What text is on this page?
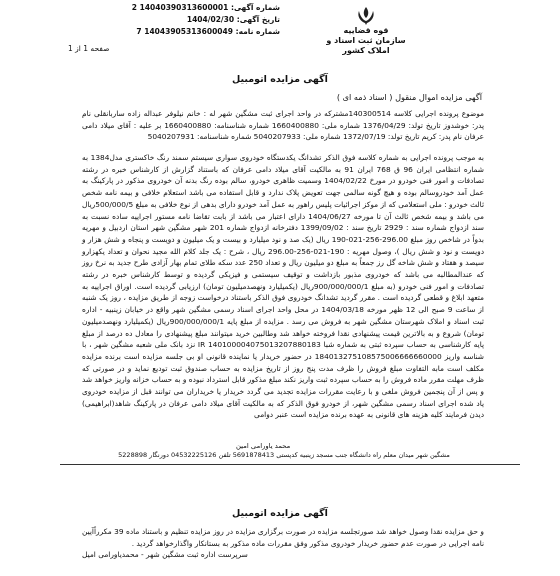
شماره آگهی: 14040390313600001 2
تاریخ آگهی: 1404/02/30
شماره نامه: 14043905313600049 7	قوه قضاییه
سازمان ثبت اسناد و املاک کشور
صفحه 1 از 1
آگهی مزایده اتومبیل
آگهی مزایده اموال منقول ( اسناد ذمه ای )

موضوع پرونده اجرایی کلاسه 140300514مشترکه در واحد اجرای ثبت مشگین شهر له : خانم نیلوفر عبداله زاده ساربانقلی نام پدر: خوشدوز تاریخ تولد: 1376/04/29 شماره ملی: 1660400880 شماره شناسنامه: 1660400880 بر علیه : آقای میلاد دامی عرفان نام پدر: کریم تاریخ تولد: 1372/07/19 شماره ملی: 5040207933 شماره شناسنامه: 5040207931

به موجب پرونده اجرایی به شماره کلاسه فوق الذکر تشدانگ یکدستگاه خودروی سواری سیستم سمند رنگ خاکستری مدل1384 به شماره انتظامی ایران 96 ق 768 ایران 91 به مالکیت آقای میلاد دامی عرفان که باستناد گزارش از کارشناس خبره در رشته تصادفات و امور فنی خودرو در مورخ 1404/02/22 وسمیت ظاهری خودرو، سالم بوده رنگ بدنه آن خودروی مذکور در پارکینگ به عمل آمد خودروسالم بوده و هیچ گونه سالمی جهت تعویض پلاک ندارد و قابل استفاده می باشد استعلام خلافی و بیمه نامه شخص ثالث خودرو : ملی استعلامی که از موکز اجرائیات پلیس راهور به عمل آمد خودرو دارای بدهی از نوع خلافی به مبلغ 500/000/5ریال می باشد و بیمه شخص ثالث آن تا مورخه 1404/06/27 دارای اعتبار می باشد از بابت تقاضا نامه مستور اجراییه ساده نسبت به سند ازدواج شماره سند : 2929 تاریخ سند : 1399/09/02 دفترخانه ازدواج شماره 201 شهر مشگین شهر استان اردبیل و مهریه بدواً در شاخص روز مبلغ 296.00-256-021-190 ریال (یک صد و نود میلیارد و بیست و یک میلیون و دویست و پنجاه و شش هزار و دویست و نود و شش ریال )، وصول مهریه : 190-021-256-296.00 ریال ، شرح : یک جلد کلام الله مجید نحوان و تعداد یکهزارو سیصد و هفتاد و شش شاخه گل رز جمعاً به مبلغ دو میلیون ریال و تعداد 250 عدد سکه طلای تمام بهار آزادی طرح جدید به نرخ روز که عندالمطالبه می باشد که خودروی مذبور بازداشت و توقیف سیستمی و فیزیکی گردیده و توسط کارشناس خبره در رشته تصادفات و امور فنی خودرو (به مبلغ 900/000/000/1ریال (یکمیلیارد ونهصدمیلیون تومان) ارزیابی گردیده است. اوراق اجراییه به متعهد ابلاغ و قطعی گردیده است . مقرر گردید تشدانگ خودروی فوق الذکر باستناد درخواست زوجه از طریق مزایده ، روز یک شنبه از ساعت 9 صبح الی 12 ظهر مورخه 1404/03/18 در محل واحد اجرای اسناد رسمی مشگین شهر واقع در خیابان زینبیه - اداره ثبت اسناد و املاک شهرستان مشگین شهر به فروش می رسد . مزایده از مبلغ پایه 900/000/000/1ریال (یکمیلیارد ونهصدمیلیون تومان) شروع و به بالاترین قیمت پیشنهادی نقدا فروخته خواهد شد وطالبین خرید میتوانند مبلغ پیشنهادی را معادل ده درصد از مبلغ پایه کارشناسی به حساب سپرده ثبتی به شماره شبا IR 140100004075013207880183 نزد بانک ملی شعبه مشگین شهر ، با شناسه واریز 184013275108575006666660000 در حضور خریدار یا نماینده قانونی او بی جلسه مزایده است برنده مزایده مکلف است مابه التفاوت مبلغ فروش را ظرف مدت پنج روز از تاریخ مزایده به حساب صندوق ثبت تودیع نماید و در صورتی که ظرف مهلت مقرر ماده فروش را به حساب سپرده ثبت واریز نکند مبلغ مذکور قابل استرداد نبوده و به حساب خزانه واریز خواهد شد و پس از آن پنجمین فروش ملغی و با رعایت مقررات مزایده تجدید می گردد خریدار یا خریداران می توانند قبل از مزایده خودروی یاد شده اجرای اسناد رسمی مشگین شهر، از خودرو فوق الذکر که به مالکیت آقای میلاد دامی عرفان در پارکینگ شاهد(ابراهیمی) دیدن فرمایند کلیه هزینه های قانونی به عهده برنده مزایده است عنبر دوامی

محمد یاورامی امین
مشگین شهر میدان معلم راه دانشگاه جنب مسجد زینبیه کدپستی 5691878413 تلفن 04532225126 دورنگار 5228898
آگهی مزایده اتومبیل

و حق مزایده نقدا وصول خواهد شد صورتجلسه مزایده در صورت برگزاری مزایده در روز مزایده تنظیم و باستناد ماده 39 مکرراًآیین نامه اجرایی در صورت عدم حضور خریدار خودروی مذکور وفق مقررات ماده مذکور به بستانکار واگذارخواهد گردید .

سرپرست اداره ثبت مشگین شهر - محمدیاورامی امیل
